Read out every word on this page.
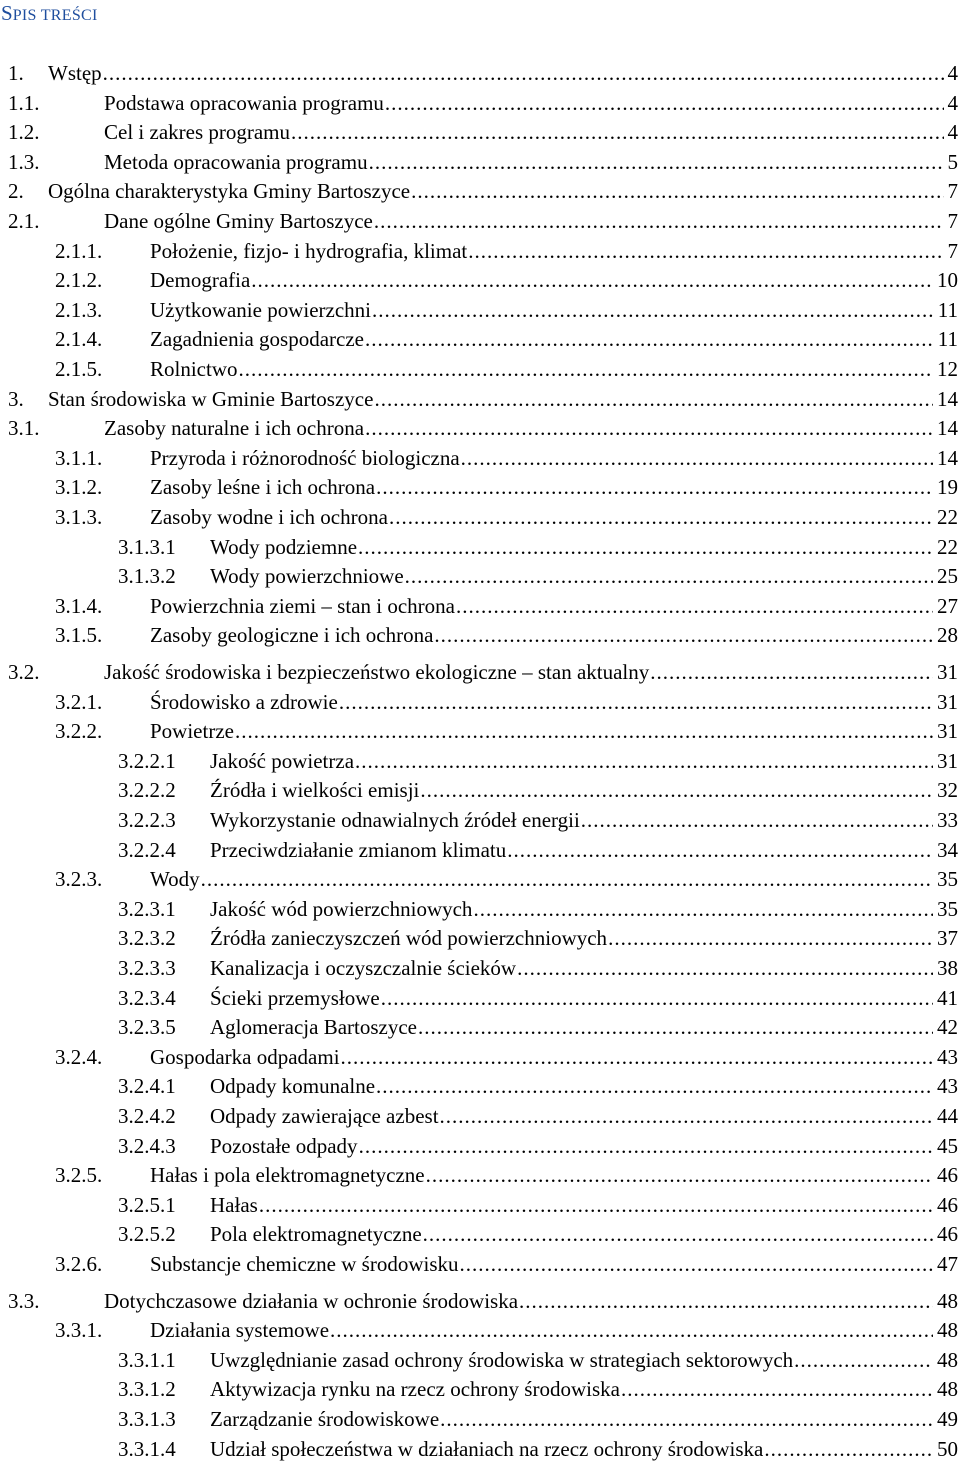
SPIS TREŚCI
1.	Wstęp .....	4
1.1.	Podstawa opracowania programu .....	4
1.2.	Cel i zakres programu .....	4
1.3.	Metoda opracowania programu .....	5
2.	Ogólna charakterystyka Gminy Bartoszyce .....	7
2.1.	Dane ogólne Gminy Bartoszyce .....	7
2.1.1.	Położenie, fizjo- i hydrografia, klimat .....	7
2.1.2.	Demografia .....	10
2.1.3.	Użytkowanie powierzchni .....	11
2.1.4.	Zagadnienia gospodarcze .....	11
2.1.5.	Rolnictwo .....	12
3.	Stan środowiska w Gminie Bartoszyce .....	14
3.1.	Zasoby naturalne i ich ochrona .....	14
3.1.1.	Przyroda i różnorodność biologiczna .....	14
3.1.2.	Zasoby leśne i ich ochrona .....	19
3.1.3.	Zasoby wodne i ich ochrona .....	22
3.1.3.1	Wody podziemne .....	22
3.1.3.2	Wody powierzchniowe .....	25
3.1.4.	Powierzchnia ziemi – stan i ochrona .....	27
3.1.5.	Zasoby geologiczne i ich ochrona .....	28
3.2.	Jakość środowiska i bezpieczeństwo ekologiczne – stan aktualny .....	31
3.2.1.	Środowisko a zdrowie .....	31
3.2.2.	Powietrze .....	31
3.2.2.1	Jakość powietrza .....	31
3.2.2.2	Źródła i wielkości emisji .....	32
3.2.2.3	Wykorzystanie odnawialnych źródeł energii .....	33
3.2.2.4	Przeciwdziałanie zmianom klimatu .....	34
3.2.3.	Wody .....	35
3.2.3.1	Jakość wód powierzchniowych .....	35
3.2.3.2	Źródła zanieczyszczeń wód powierzchniowych .....	37
3.2.3.3	Kanalizacja i oczyszczalnie ścieków .....	38
3.2.3.4	Ścieki przemysłowe .....	41
3.2.3.5	Aglomeracja Bartoszyce .....	42
3.2.4.	Gospodarka odpadami .....	43
3.2.4.1	Odpady komunalne .....	43
3.2.4.2	Odpady zawierające azbest .....	44
3.2.4.3	Pozostałe odpady .....	45
3.2.5.	Hałas i pola elektromagnetyczne .....	46
3.2.5.1	Hałas .....	46
3.2.5.2	Pola elektromagnetyczne .....	46
3.2.6.	Substancje chemiczne w środowisku .....	47
3.3.	Dotychczasowe działania w ochronie środowiska .....	48
3.3.1.	Działania systemowe .....	48
3.3.1.1	Uwzględnianie zasad ochrony środowiska w strategiach sektorowych .....	48
3.3.1.2	Aktywizacja rynku na rzecz ochrony środowiska .....	48
3.3.1.3	Zarządzanie środowiskowe .....	49
3.3.1.4	Udział społeczeństwa w działaniach na rzecz ochrony środowiska .....	50
